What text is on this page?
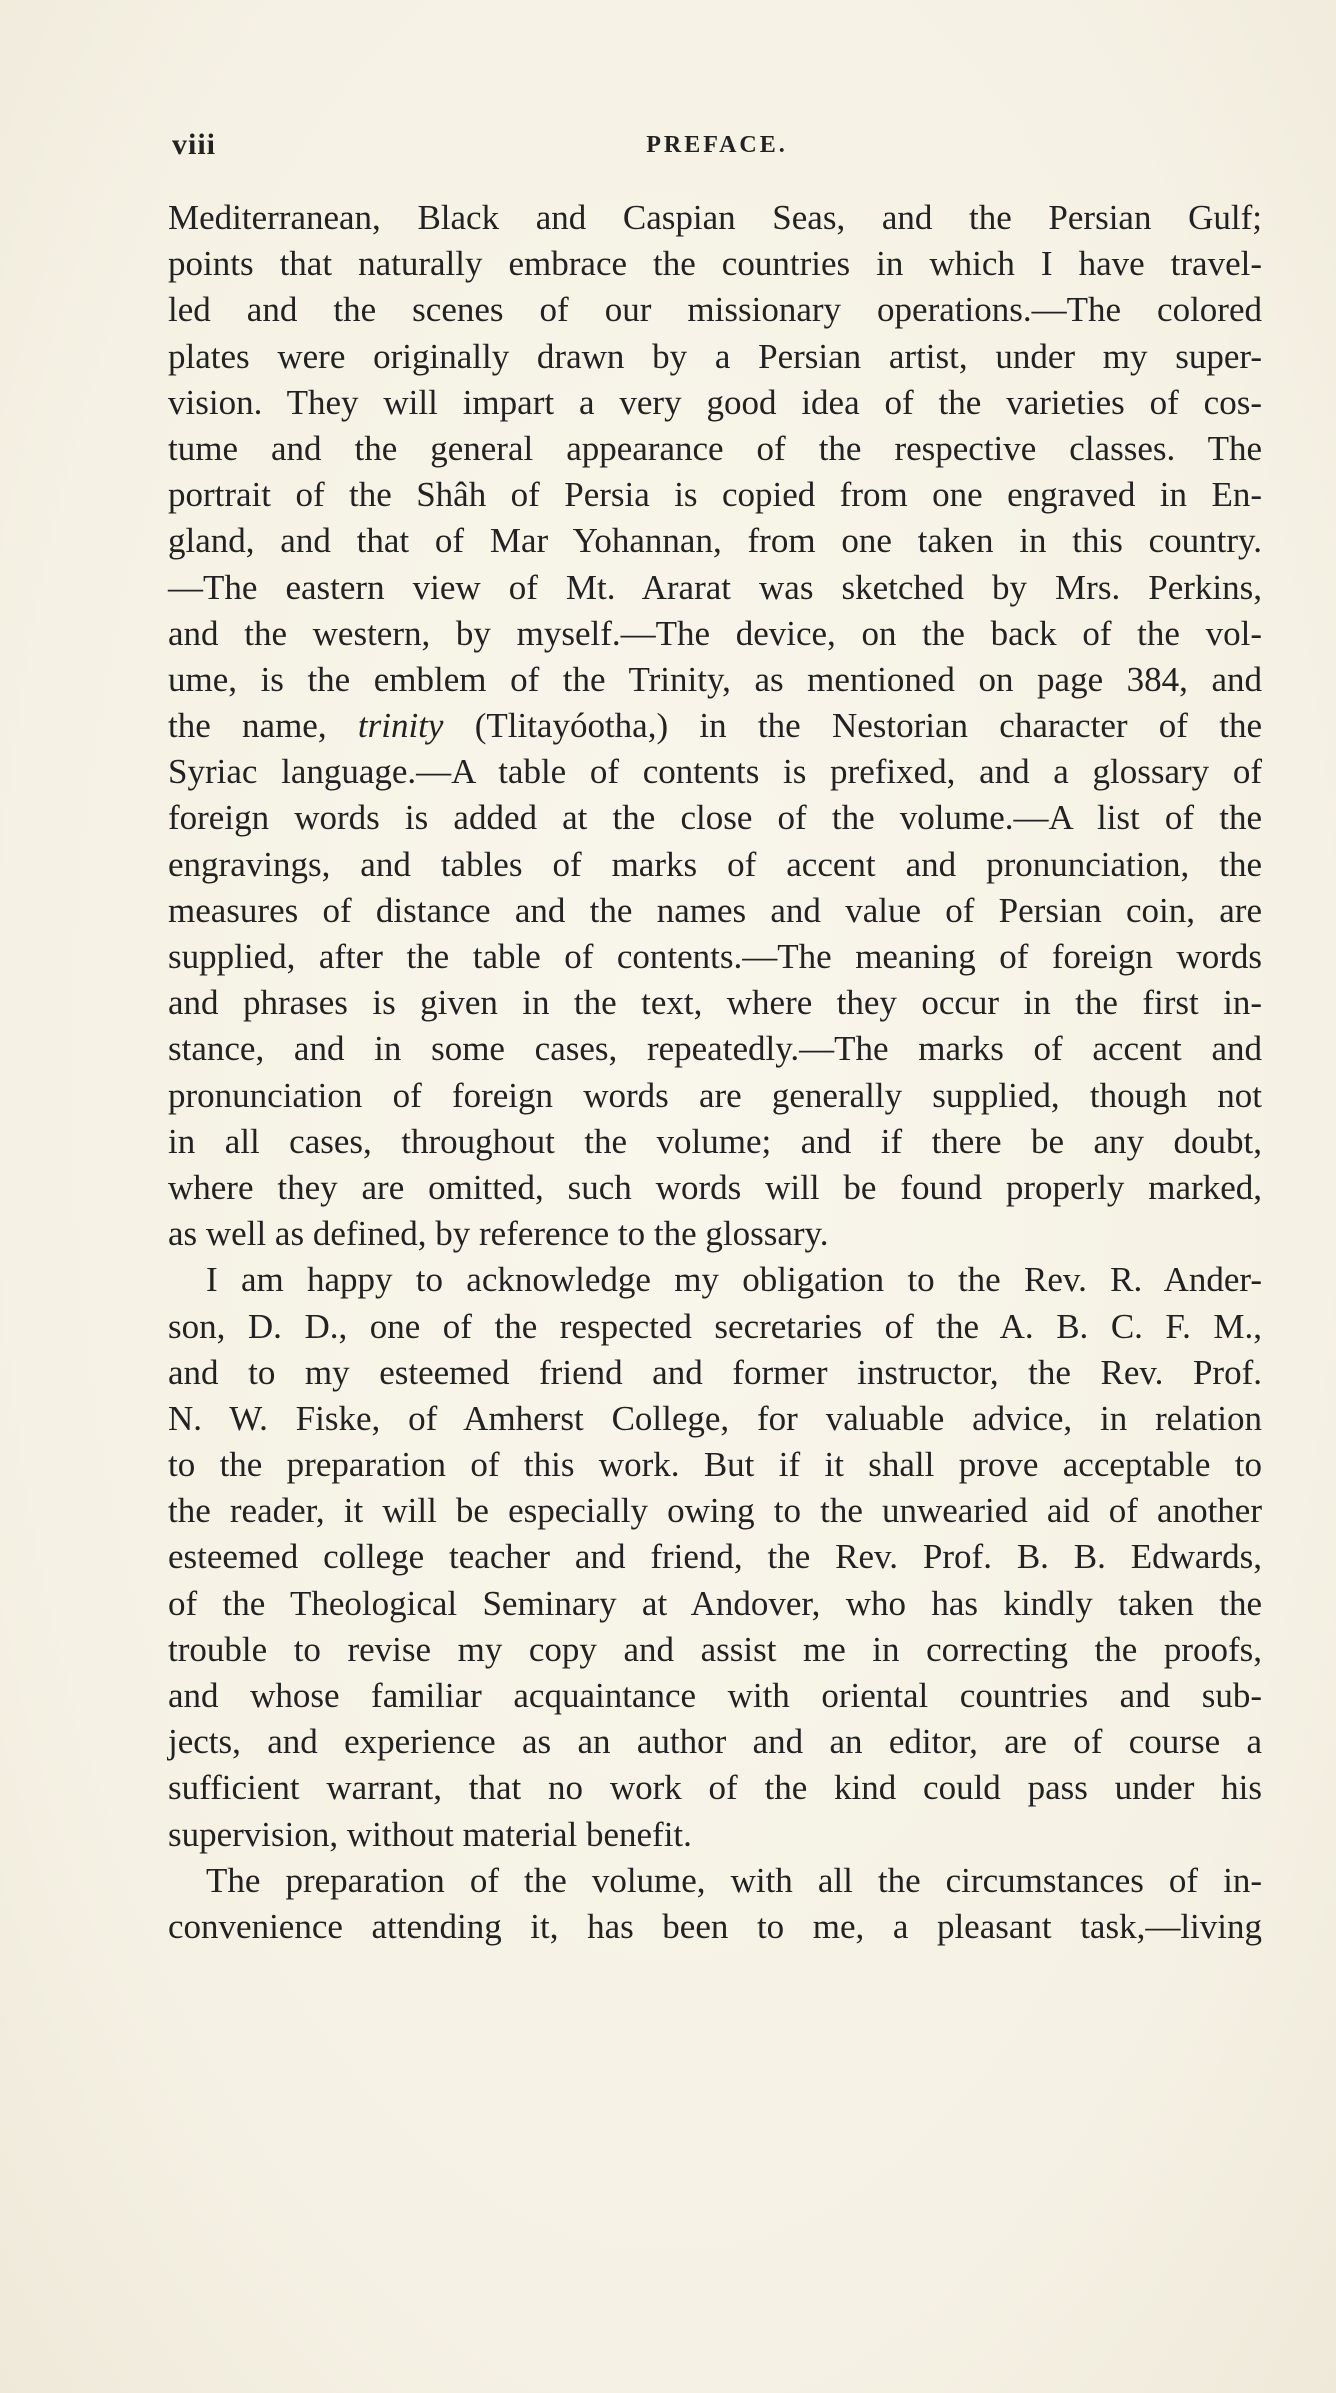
viii	PREFACE.
Mediterranean, Black and Caspian Seas, and the Persian Gulf;
points that naturally embrace the countries in which I have travel-
led and the scenes of our missionary operations.—The colored
plates were originally drawn by a Persian artist, under my super-
vision. They will impart a very good idea of the varieties of cos-
tume and the general appearance of the respective classes. The
portrait of the Shâh of Persia is copied from one engraved in En-
gland, and that of Mar Yohannan, from one taken in this country.
—The eastern view of Mt. Ararat was sketched by Mrs. Perkins,
and the western, by myself.—The device, on the back of the vol-
ume, is the emblem of the Trinity, as mentioned on page 384, and
the name, trinity (Tlitayóotha,) in the Nestorian character of the
Syriac language.—A table of contents is prefixed, and a glossary of
foreign words is added at the close of the volume.—A list of the
engravings, and tables of marks of accent and pronunciation, the
measures of distance and the names and value of Persian coin, are
supplied, after the table of contents.—The meaning of foreign words
and phrases is given in the text, where they occur in the first in-
stance, and in some cases, repeatedly.—The marks of accent and
pronunciation of foreign words are generally supplied, though not
in all cases, throughout the volume; and if there be any doubt,
where they are omitted, such words will be found properly marked,
as well as defined, by reference to the glossary.
I am happy to acknowledge my obligation to the Rev. R. Ander-
son, D. D., one of the respected secretaries of the A. B. C. F. M.,
and to my esteemed friend and former instructor, the Rev. Prof.
N. W. Fiske, of Amherst College, for valuable advice, in relation
to the preparation of this work. But if it shall prove acceptable to
the reader, it will be especially owing to the unwearied aid of another
esteemed college teacher and friend, the Rev. Prof. B. B. Edwards,
of the Theological Seminary at Andover, who has kindly taken the
trouble to revise my copy and assist me in correcting the proofs,
and whose familiar acquaintance with oriental countries and sub-
jects, and experience as an author and an editor, are of course a
sufficient warrant, that no work of the kind could pass under his
supervision, without material benefit.
The preparation of the volume, with all the circumstances of in-
convenience attending it, has been to me, a pleasant task,—living
